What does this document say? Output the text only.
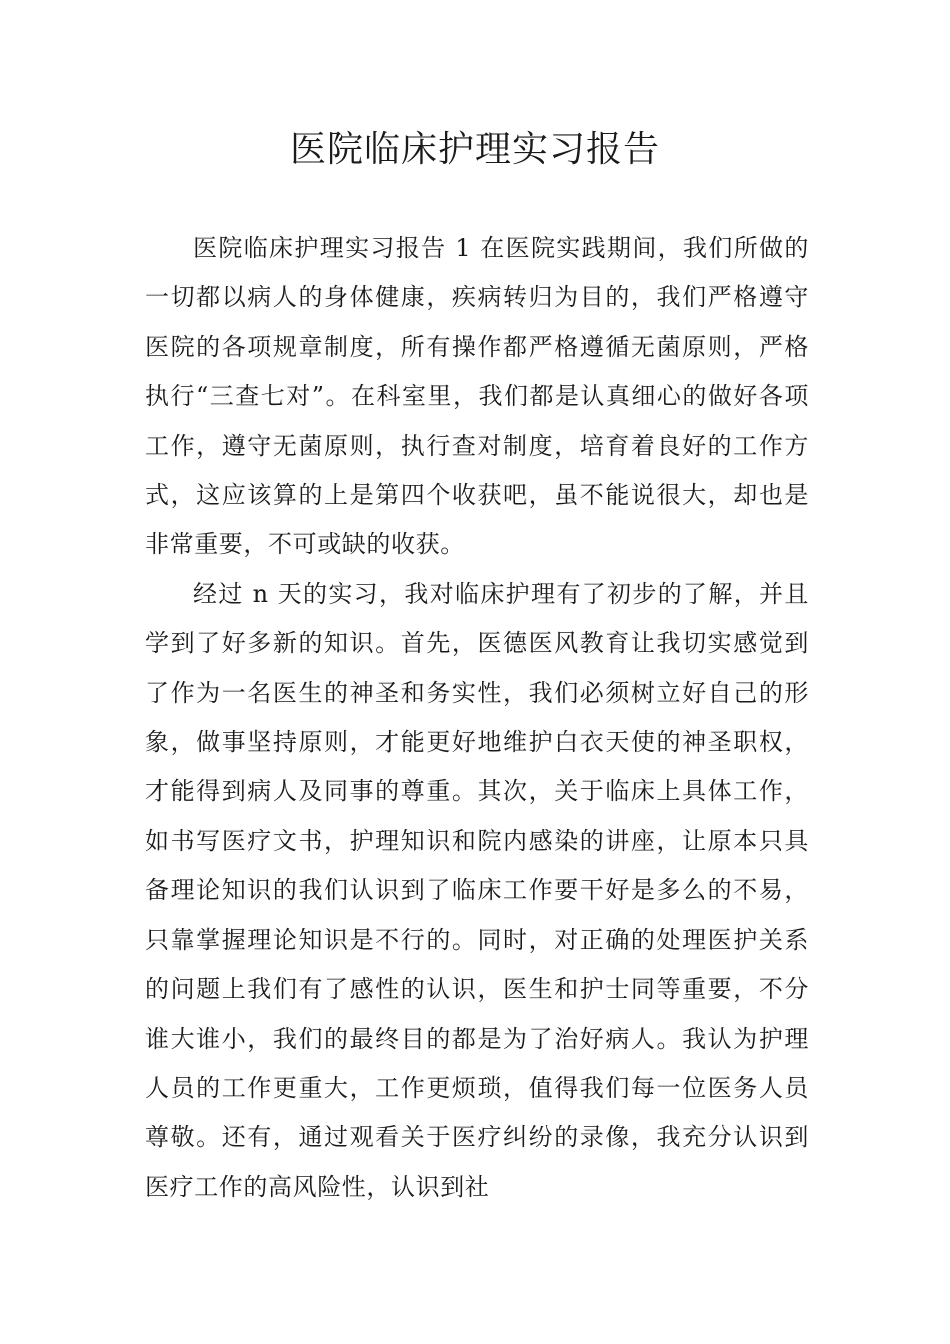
医院临床护理实习报告

医院临床护理实习报告 1 在医院实践期间，我们所做的一切都以病人的身体健康，疾病转归为目的，我们严格遵守医院的各项规章制度，所有操作都严格遵循无菌原则，严格执行“三查七对”。在科室里，我们都是认真细心的做好各项工作，遵守无菌原则，执行查对制度，培育着良好的工作方式，这应该算的上是第四个收获吧，虽不能说很大，却也是非常重要，不可或缺的收获。

经过 n 天的实习，我对临床护理有了初步的了解，并且学到了好多新的知识。首先，医德医风教育让我切实感觉到了作为一名医生的神圣和务实性，我们必须树立好自己的形象，做事坚持原则，才能更好地维护白衣天使的神圣职权，才能得到病人及同事的尊重。其次，关于临床上具体工作，如书写医疗文书，护理知识和院内感染的讲座，让原本只具备理论知识的我们认识到了临床工作要干好是多么的不易，只靠掌握理论知识是不行的。同时，对正确的处理医护关系的问题上我们有了感性的认识，医生和护士同等重要，不分谁大谁小，我们的最终目的都是为了治好病人。我认为护理人员的工作更重大，工作更烦琐，值得我们每一位医务人员尊敬。还有，通过观看关于医疗纠纷的录像，我充分认识到医疗工作的高风险性，认识到社
